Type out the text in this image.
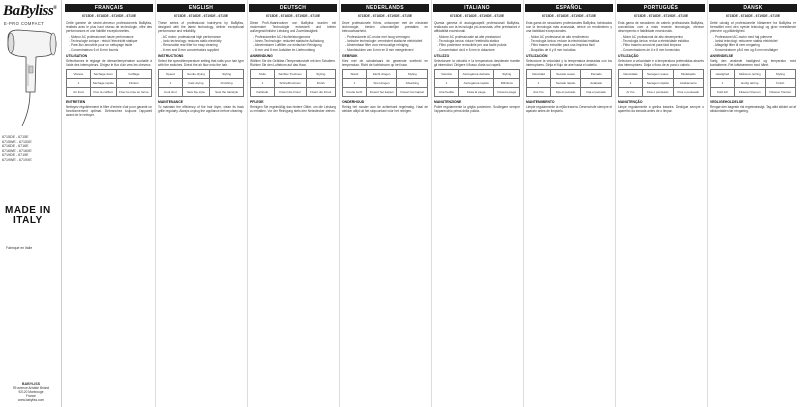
BaByliss®
E-PRO COMPACT
6715DE - 6715E
6715WE - 6715XE
6716DE - 6716E
6716WE - 6716XE
6719DE - 6719E
6719WE - 6719XE
MADE IN
ITALY
Fabriqué en Italie
BABYLISS
99 avenue Aristide Briand
92120 Montrouge
France
www.babyliss.com
FRANÇAIS
6715DE - 6716DE - 6719DE - 6715E

Cette gamme de sèche-cheveux professionnels BaByliss, réalisés avec le plus haut niveau de technologie, offre des performances et une fiabilité exceptionnelles.

- Moteur AC professionnel haute performance
- Technologie ionique : réduit l'électricité statique
- Pare-flux amovible pour un nettoyage facile
- Concentrateurs 6 et 8 mm fournis
UTILISATION

Sélectionnez le réglage de vitesse/température souhaité à l'aide des interrupteurs. Dirigez le flux d'air vers les cheveux.

Vitesse	Séchage doux	Coiffage
1	Séchage rapide	Finition
Air froid	Fixe la coiffure	Fixer la mise en forme
ENTRETIEN

Nettoyez régulièrement le filtre d'entrée d'air pour garantir un fonctionnement optimal. Débranchez toujours l'appareil avant de le nettoyer.

ENGLISH
6715DE - 6716DE - 6719DE - 6715E

These series of professional hairdryers by BaByliss, designed with the latest technology, deliver exceptional performance and reliability.

- AC motor: professional high performance
- Ionic technology: reduces static electricity
- Removable rear filter for easy cleaning
- 6 mm and 8 mm concentrators supplied
INSTRUCTIONS

Select the speed/temperature setting that suits your hair type with the switches. Direct the air flow onto the hair.

Speed	Gentle drying	Styling
1	Fast drying	Finishing
Cool shot	Sets the style	Sets the hairstyle
MAINTENANCE

To maintain the efficiency of the hair dryer, clean its back grille regularly. Always unplug the appliance before cleaning.

DEUTSCH
6715DE - 6716DE - 6719DE - 6715E

Diese Profi-Haartrockner von BaByliss wurden mit modernster Technologie entwickelt und bieten außergewöhnliche Leistung und Zuverlässigkeit.

- Professioneller AC-Hochleistungsmotor
- Ionen-Technologie: reduziert statische Aufladung
- Abnehmbarer Luftfilter zur einfachen Reinigung
- 6 mm und 8 mm Aufsätze im Lieferumfang
ANWENDUNG

Wählen Sie die Gebläse-/Temperaturstufe mit den Schaltern. Richten Sie den Luftstrom auf das Haar.

Stufe	Sanftes Trocknen	Styling
1	Schnelltrocknen	Finish
Kaltstufe	Fixiert die Frisur	Fixiert die Frisur
PFLEGE

Reinigen Sie regelmäßig das hintere Gitter, um die Leistung zu erhalten. Vor der Reinigung stets den Netzstecker ziehen.

NEDERLANDS
6715DE - 6716DE - 6719DE - 6715E

Deze professionele föhns, ontworpen met de nieuwste technologie, bieden uitzonderlijke prestaties en betrouwbaarheid.

- Professionele AC-motor met hoog vermogen
- Ionische technologie: vermindert statische elektriciteit
- Afneembaar filter voor eenvoudige reiniging
- Mondstukken van 6 mm en 8 mm meegeleverd
GEBRUIK

Kies met de schakelaars de gewenste snelheid en temperatuur. Richt de luchtstroom op het haar.

Stand	Zacht drogen	Styling
1	Snel drogen	Afwerking
Koude lucht	Fixeert het kapsel	Fixeert het kapsel
ONDERHOUD

Reinig het rooster aan de achterkant regelmatig. Haal de stekker altijd uit het stopcontact vóór het reinigen.

ITALIANO
6715DE - 6716DE - 6719DE - 6715E

Questa gamma di asciugacapelli professionali BaByliss, realizzata con la tecnologia più avanzata, offre prestazioni e affidabilità eccezionali.

- Motore AC professionale ad alte prestazioni
- Tecnologia ionica: riduce l'elettricità statica
- Filtro posteriore removibile per una facile pulizia
- Concentratori da 6 e 8 mm in dotazione
UTILIZZO

Selezionare la velocità e la temperatura desiderate tramite gli interruttori. Dirigere il flusso d'aria sui capelli.

Velocità	Asciugatura delicata	Styling
1	Asciugatura rapida	Rifinitura
Aria fredda	Fissa la piega	Fissa la piega
MANUTENZIONE

Pulire regolarmente la griglia posteriore. Scollegare sempre l'apparecchio prima della pulizia.

ESPAÑOL
6715DE - 6716DE - 6719DE - 6715E

Esta gama de secadores profesionales BaByliss, fabricados con la tecnología más avanzada, ofrece un rendimiento y una fiabilidad excepcionales.

- Motor AC profesional de alto rendimiento
- Tecnología iónica: reduce la electricidad estática
- Filtro trasero extraíble para una limpieza fácil
- Boquillas de 6 y 8 mm incluidas
UTILIZACIÓN

Seleccione la velocidad y la temperatura deseadas con los interruptores. Dirija el flujo de aire hacia el cabello.

Velocidad	Secado suave	Peinado
1	Secado rápido	Acabado
Aire frío	Fija el peinado	Fija el peinado
MANTENIMIENTO

Limpie regularmente la rejilla trasera. Desenchufe siempre el aparato antes de limpiarlo.

PORTUGUÊS
6715DE - 6716DE - 6719DE - 6715E

Esta gama de secadores de cabelo profissionais BaByliss, concebidos com a mais recente tecnologia, oferece desempenho e fiabilidade excecionais.

- Motor AC profissional de alto desempenho
- Tecnologia iónica: reduz a eletricidade estática
- Filtro traseiro amovível para fácil limpeza
- Concentradores de 6 e 8 mm fornecidos
UTILIZAÇÃO

Selecione a velocidade e a temperatura pretendidas através dos interruptores. Dirija o fluxo de ar para o cabelo.

Velocidade	Secagem suave	Modelação
1	Secagem rápida	Acabamento
Ar frio	Fixa o penteado	Fixa o penteado
MANUTENÇÃO

Limpe regularmente a grelha traseira. Desligue sempre o aparelho da tomada antes de o limpar.

DANSK
6715DE - 6716DE - 6719DE - 6715E

Dette udvalg af professionelle hårtørrere fra BaByliss er fremstillet med den nyeste teknologi og giver enestående ydeevne og pålidelighed.

- Professionel AC-motor med høj ydeevne
- Ionisk teknologi: reducerer statisk elektricitet
- Aftageligt filter til nem rengøring
- Koncentratorer på 6 mm og 8 mm medfølger
ANVENDELSE

Vælg den ønskede hastighed og temperatur med kontakterne. Ret luftstrømmen mod håret.

Hastighed	Skånsom tørring	Styling
1	Hurtig tørring	Finish
Kold luft	Fikserer frisuren	Fikserer frisuren
VEDLIGEHOLDELSE

Rengør den bageste rist regelmæssigt. Tag altid stikket ud af stikkontakten før rengøring.
